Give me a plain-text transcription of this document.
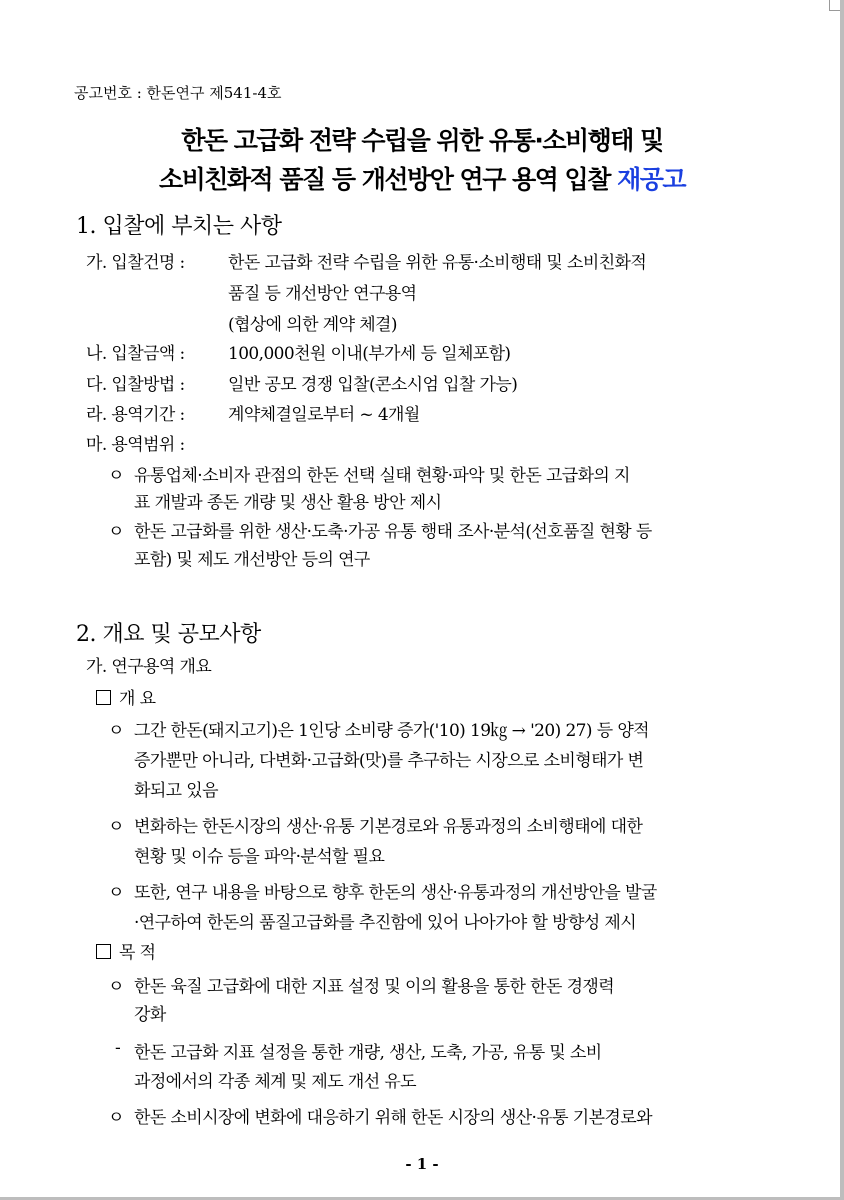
공고번호 : 한돈연구 제541-4호
한돈 고급화 전략 수립을 위한 유통·소비행태 및
소비친화적 품질 등 개선방안 연구 용역 입찰 재공고
1. 입찰에 부치는 사항
가. 입찰건명 :	한돈 고급화 전략 수립을 위한 유통·소비행태 및 소비친화적
품질 등 개선방안 연구용역
(협상에 의한 계약 체결)
나. 입찰금액 :	100,000천원 이내(부가세 등 일체포함)
다. 입찰방법 :	일반 공모 경쟁 입찰(콘소시엄 입찰 가능)
라. 용역기간 :	계약체결일로부터 ~ 4개월
마. 용역범위 :
ㅇ 유통업체·소비자 관점의 한돈 선택 실태 현황·파악 및 한돈 고급화의 지
표 개발과 종돈 개량 및 생산 활용 방안 제시
ㅇ 한돈 고급화를 위한 생산·도축·가공 유통 행태 조사·분석(선호품질 현황 등
포함) 및 제도 개선방안 등의 연구
2. 개요 및 공모사항
가. 연구용역 개요
개 요
ㅇ 그간 한돈(돼지고기)은 1인당 소비량 증가('10) 19㎏ → '20) 27) 등 양적
증가뿐만 아니라, 다변화·고급화(맛)를 추구하는 시장으로 소비형태가 변
화되고 있음
ㅇ 변화하는 한돈시장의 생산·유통 기본경로와 유통과정의 소비행태에 대한
현황 및 이슈 등을 파악·분석할 필요
ㅇ 또한, 연구 내용을 바탕으로 향후 한돈의 생산·유통과정의 개선방안을 발굴
·연구하여 한돈의 품질고급화를 추진함에 있어 나아가야 할 방향성 제시
목 적
ㅇ 한돈 육질 고급화에 대한 지표 설정 및 이의 활용을 통한 한돈 경쟁력
강화
- 한돈 고급화 지표 설정을 통한 개량, 생산, 도축, 가공, 유통 및 소비
과정에서의 각종 체계 및 제도 개선 유도
ㅇ 한돈 소비시장에 변화에 대응하기 위해 한돈 시장의 생산·유통 기본경로와
- 1 -
